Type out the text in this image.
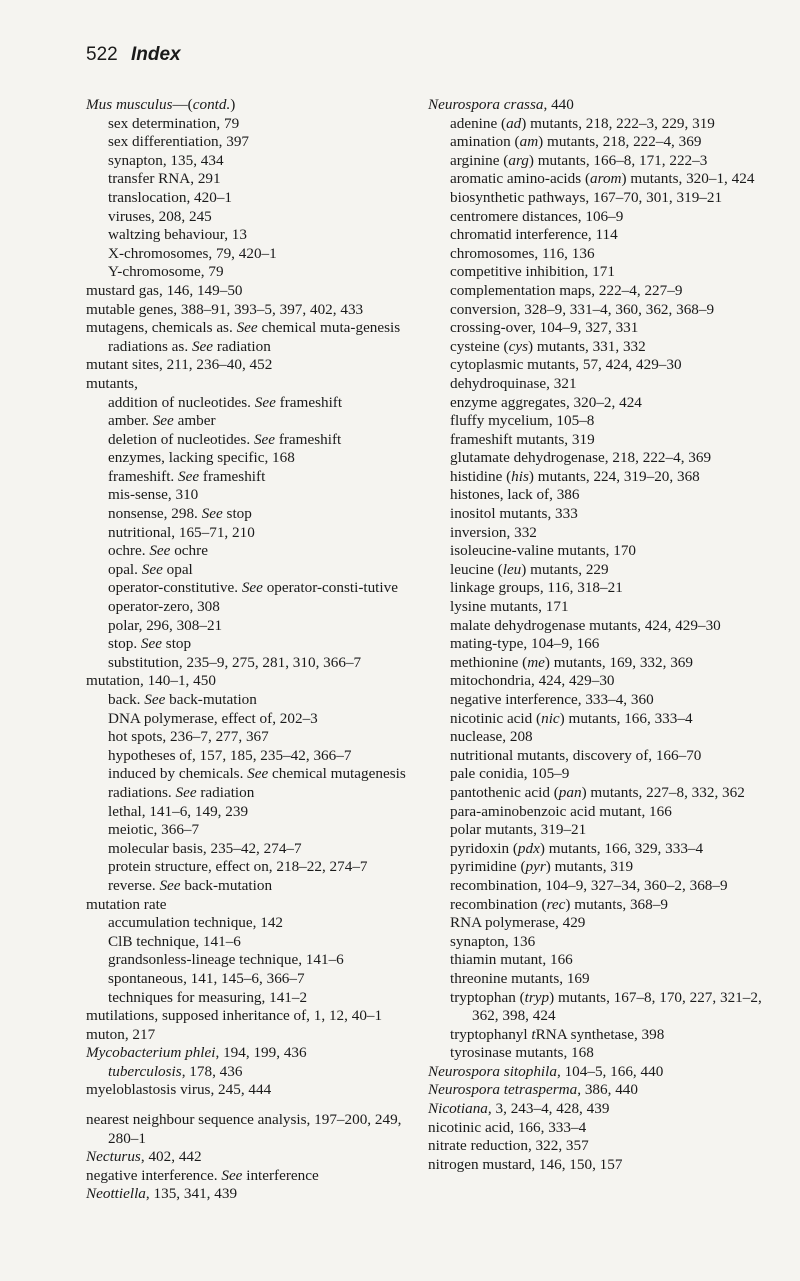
522 Index
Mus musculus—(contd.)
sex determination, 79
sex differentiation, 397
synapton, 135, 434
transfer RNA, 291
translocation, 420–1
viruses, 208, 245
waltzing behaviour, 13
X-chromosomes, 79, 420–1
Y-chromosome, 79
mustard gas, 146, 149–50
mutable genes, 388–91, 393–5, 397, 402, 433
mutagens, chemicals as. See chemical muta-genesis
radiations as. See radiation
mutant sites, 211, 236–40, 452
mutants,
addition of nucleotides. See frameshift
amber. See amber
deletion of nucleotides. See frameshift
enzymes, lacking specific, 168
frameshift. See frameshift
mis-sense, 310
nonsense, 298. See stop
nutritional, 165–71, 210
ochre. See ochre
opal. See opal
operator-constitutive. See operator-consti-tutive
operator-zero, 308
polar, 296, 308–21
stop. See stop
substitution, 235–9, 275, 281, 310, 366–7
mutation, 140–1, 450
back. See back-mutation
DNA polymerase, effect of, 202–3
hot spots, 236–7, 277, 367
hypotheses of, 157, 185, 235–42, 366–7
induced by chemicals. See chemical mutagenesis
radiations. See radiation
lethal, 141–6, 149, 239
meiotic, 366–7
molecular basis, 235–42, 274–7
protein structure, effect on, 218–22, 274–7
reverse. See back-mutation
mutation rate
accumulation technique, 142
ClB technique, 141–6
grandsonless-lineage technique, 141–6
spontaneous, 141, 145–6, 366–7
techniques for measuring, 141–2
mutilations, supposed inheritance of, 1, 12, 40–1
muton, 217
Mycobacterium phlei, 194, 199, 436
tuberculosis, 178, 436
myeloblastosis virus, 245, 444
nearest neighbour sequence analysis, 197–200, 249, 280–1
Necturus, 402, 442
negative interference. See interference
Neottiella, 135, 341, 439
Neurospora crassa, 440
adenine (ad) mutants, 218, 222–3, 229, 319
amination (am) mutants, 218, 222–4, 369
arginine (arg) mutants, 166–8, 171, 222–3
aromatic amino-acids (arom) mutants, 320–1, 424
biosynthetic pathways, 167–70, 301, 319–21
centromere distances, 106–9
chromatid interference, 114
chromosomes, 116, 136
competitive inhibition, 171
complementation maps, 222–4, 227–9
conversion, 328–9, 331–4, 360, 362, 368–9
crossing-over, 104–9, 327, 331
cysteine (cys) mutants, 331, 332
cytoplasmic mutants, 57, 424, 429–30
dehydroquinase, 321
enzyme aggregates, 320–2, 424
fluffy mycelium, 105–8
frameshift mutants, 319
glutamate dehydrogenase, 218, 222–4, 369
histidine (his) mutants, 224, 319–20, 368
histones, lack of, 386
inositol mutants, 333
inversion, 332
isoleucine-valine mutants, 170
leucine (leu) mutants, 229
linkage groups, 116, 318–21
lysine mutants, 171
malate dehydrogenase mutants, 424, 429–30
mating-type, 104–9, 166
methionine (me) mutants, 169, 332, 369
mitochondria, 424, 429–30
negative interference, 333–4, 360
nicotinic acid (nic) mutants, 166, 333–4
nuclease, 208
nutritional mutants, discovery of, 166–70
pale conidia, 105–9
pantothenic acid (pan) mutants, 227–8, 332, 362
para-aminobenzoic acid mutant, 166
polar mutants, 319–21
pyridoxin (pdx) mutants, 166, 329, 333–4
pyrimidine (pyr) mutants, 319
recombination, 104–9, 327–34, 360–2, 368–9
recombination (rec) mutants, 368–9
RNA polymerase, 429
synapton, 136
thiamin mutant, 166
threonine mutants, 169
tryptophan (tryp) mutants, 167–8, 170, 227, 321–2, 362, 398, 424
tryptophanyl tRNA synthetase, 398
tyrosinase mutants, 168
Neurospora sitophila, 104–5, 166, 440
Neurospora tetrasperma, 386, 440
Nicotiana, 3, 243–4, 428, 439
nicotinic acid, 166, 333–4
nitrate reduction, 322, 357
nitrogen mustard, 146, 150, 157
